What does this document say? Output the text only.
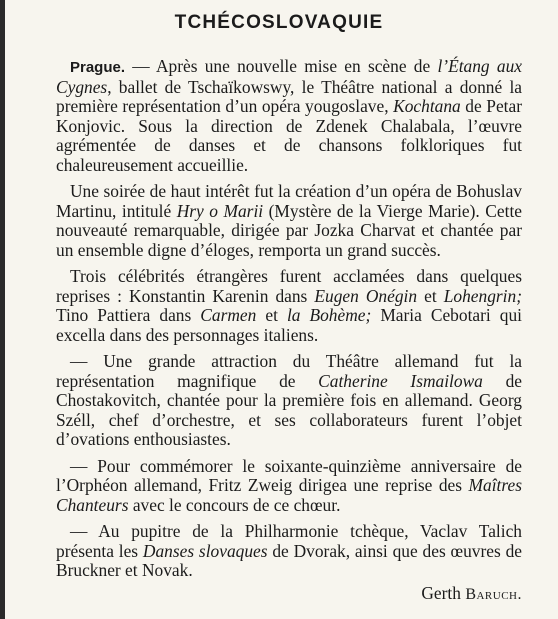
TCHÉCOSLOVAQUIE

Prague. — Après une nouvelle mise en scène de l’Étang aux Cygnes, ballet de Tschaïkowswy, le Théâtre national a donné la première représentation d’un opéra yougoslave, Kochtana de Petar Konjovic. Sous la direction de Zdenek Chalabala, l’œuvre agrémentée de danses et de chansons folkloriques fut chaleureusement accueillie.

Une soirée de haut intérêt fut la création d’un opéra de Bohuslav Martinu, intitulé Hry o Marii (Mystère de la Vierge Marie). Cette nouveauté remarquable, dirigée par Jozka Charvat et chantée par un ensemble digne d’éloges, remporta un grand succès.

Trois célébrités étrangères furent acclamées dans quelques reprises : Konstantin Karenin dans Eugen Onégin et Lohengrin; Tino Pattiera dans Carmen et la Bohème; Maria Cebotari qui excella dans des personnages italiens.

— Une grande attraction du Théâtre allemand fut la représentation magnifique de Catherine Ismailowa de Chostakovitch, chantée pour la première fois en allemand. Georg Széll, chef d’orchestre, et ses collaborateurs furent l’objet d’ovations enthousiastes.

— Pour commémorer le soixante-quinzième anniversaire de l’Orphéon allemand, Fritz Zweig dirigea une reprise des Maîtres Chanteurs avec le concours de ce chœur.

— Au pupitre de la Philharmonie tchèque, Vaclav Talich présenta les Danses slovaques de Dvorak, ainsi que des œuvres de Bruckner et Novak.

Gerth Baruch.
